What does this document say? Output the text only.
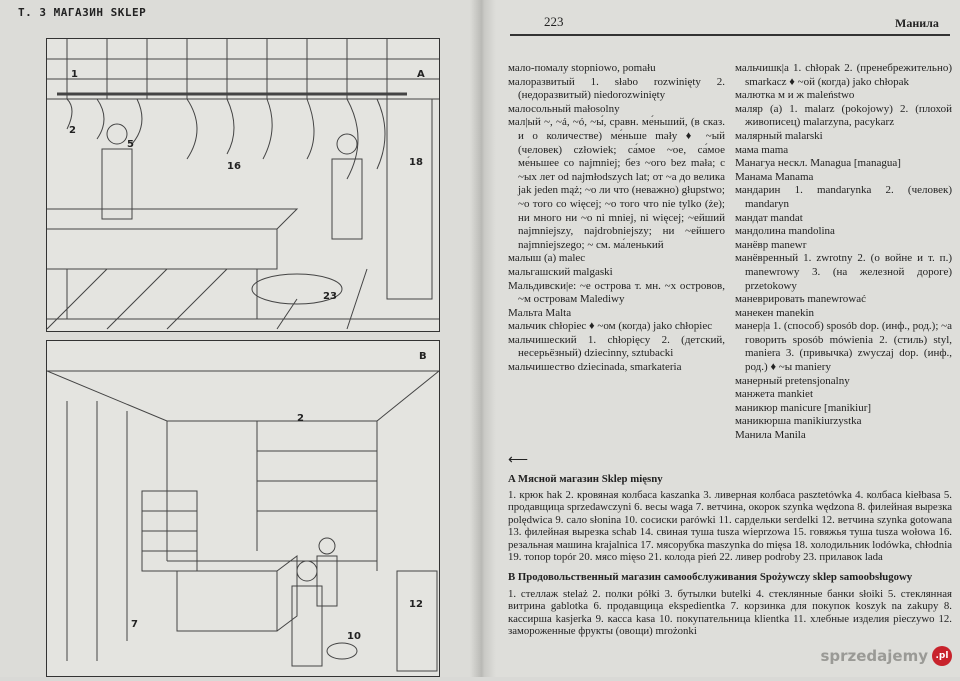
Т. 3 МАГАЗИН SKLEP
A
1
2
5
16	18
23
B
2
7
10
12
223	Манила
мало-помалу stopniowo, pomału
малоразвитый 1. słabo rozwinięty 2. (недоразвитый) niedorozwinięty
малосольный małosolny
мал|ый ~, ~á, ~ó, ~ы́, сравн. ме́ньший, (в сказ. и о количестве) ме́ньше mały ♦ ~ый (человек) człowiek; са́мое ~ое, са́мое ме́ньшее co najmniej; без ~ого bez mała; с ~ых лет od najmłodszych lat; от ~а до велика jak jeden mąż; ~о ли что (неважно) głupstwo; ~о того co więcej; ~о того что nie tylko (że); ни много ни ~о ni mniej, ni więcej; ~ейший najmniejszy, najdrobniejszy; ни ~ейшего najmniejszego; ~ см. ма́ленький
малыш (a) malec
мальгашский malgaski
Мальдивски|е: ~е острова т. мн. ~х островов, ~м островам Malediwy
Мальта Malta
мальчик chłopiec ♦ ~ом (когда) jako chłopiec
мальчишеский 1. chłopięcy 2. (детский, несерьёзный) dziecinny, sztubacki
мальчишество dziecinada, smarkateria
мальчишк|а 1. chłopak 2. (пренебрежительно) smarkacz ♦ ~ой (когда) jako chłopak
малютка м и ж maleństwo
маляр (a) 1. malarz (pokojowy) 2. (плохой живописец) malarzyna, pacykarz
малярный malarski
мама mama
Манагуа нескл. Managua [managua]
Манама Manama
мандарин 1. mandarynka 2. (человек) mandaryn
мандат mandat
мандолина mandolina
манёвр manewr
манёвренный 1. zwrotny 2. (о войне и т. п.) manewrowy 3. (на железной дороге) przetokowy
маневрировать manewrować
манекен manekin
манер|а 1. (способ) sposób dop. (инф., род.); ~а говорить sposób mówienia 2. (стиль) styl, maniera 3. (привычка) zwyczaj dop. (инф., род.) ♦ ~ы maniery
манерный pretensjonalny
манжета mankiet
маникюр manicure [manikiur]
маникюрша manikiurzystka
Манила Manila
⟵
A Мясной магазин Sklep mięsny
1. крюк hak 2. кровяная колбаса kaszanka 3. ливерная колбаса pasztetówka 4. колбаса kiełbasa 5. продавщица sprzedawczyni 6. весы waga 7. ветчина, окорок szynka wędzona 8. филейная вырезка polędwica 9. сало słonina 10. сосиски parówki 11. сардельки serdelki 12. ветчина szynka gotowana 13. филейная вырезка schab 14. свиная туша tusza wieprzowa 15. говяжья туша tusza wołowa 16. резальная машина krajalnica 17. мясорубка maszynka do mięsa 18. холодильник lodówka, chłodnia 19. топор topór 20. мясо mięso 21. колода pień 22. ливер podroby 23. прилавок lada
B Продовольственный магазин самообслуживания Spożywczy sklep samoobsługowy
1. стеллаж stelaż 2. полки półki 3. бутылки butelki 4. стеклянные банки słoiki 5. стеклянная витрина gablotka 6. продавщица ekspedientka 7. корзинка для покупок koszyk na zakupy 8. кассирша kasjerka 9. касса kasa 10. покупательница klientka 11. хлебные изделия pieczywo 12. замороженные фрукты (овощи) mrożonki
sprzedajemy .pl
